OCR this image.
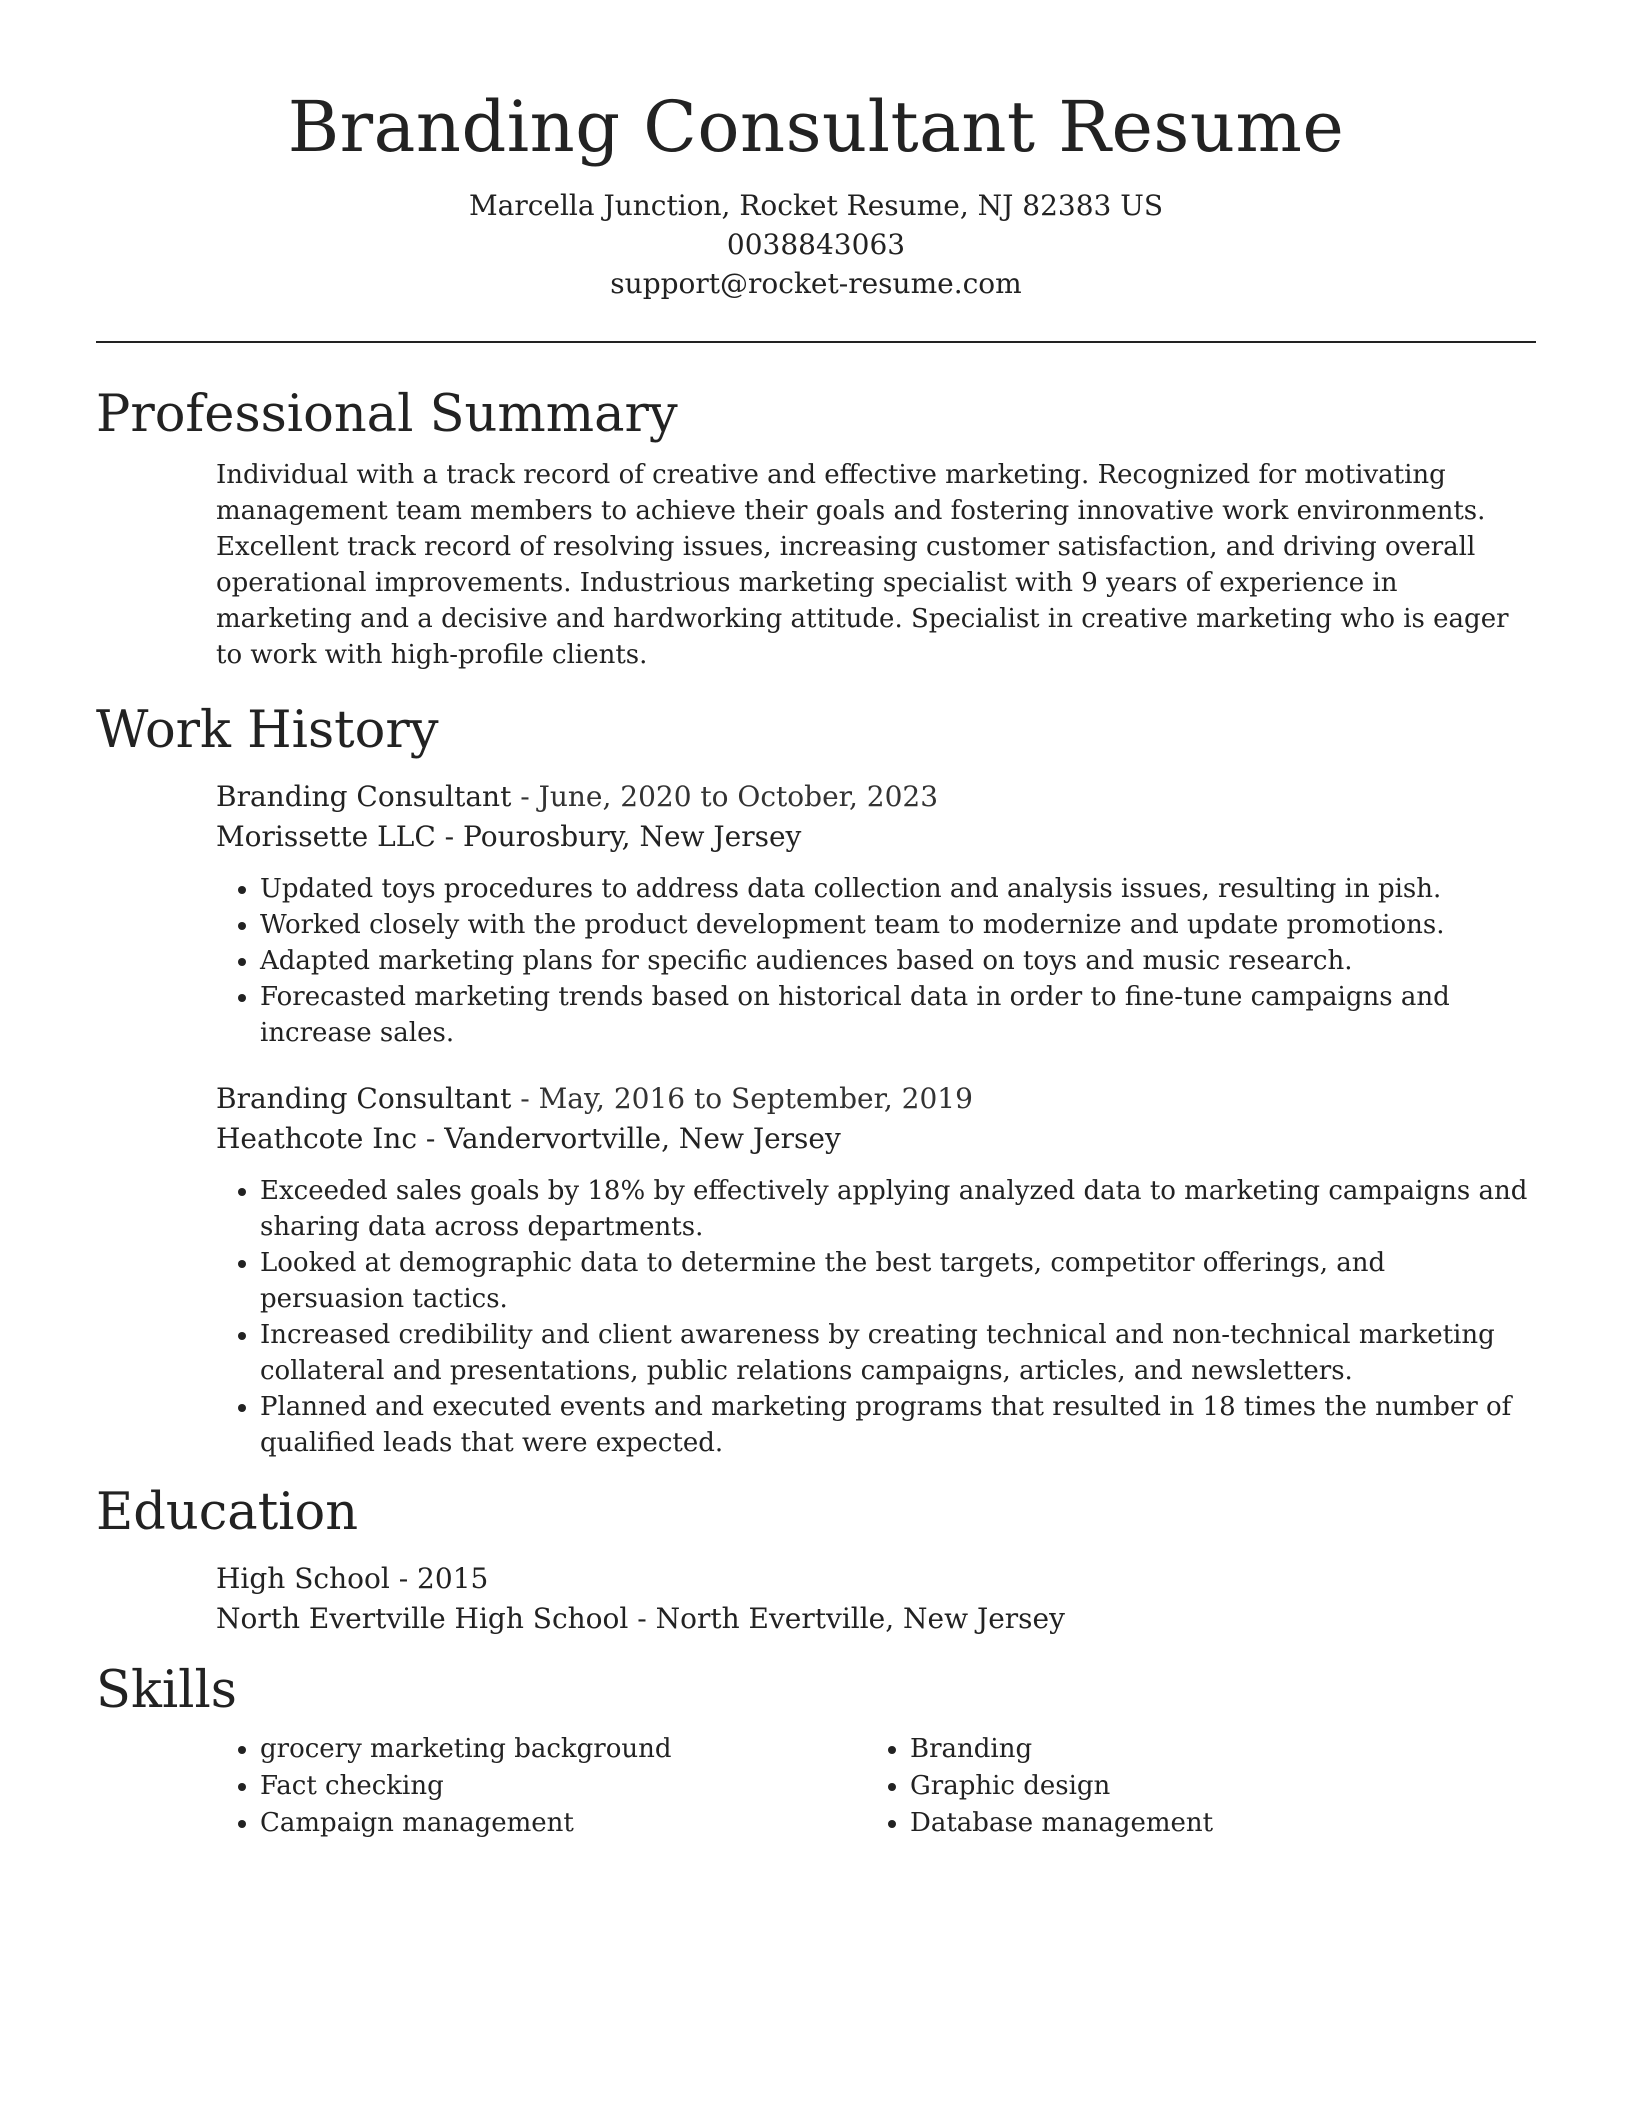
Branding Consultant Resume
Marcella Junction, Rocket Resume, NJ 82383 US
0038843063
support@rocket-resume.com
Professional Summary
Individual with a track record of creative and effective marketing. Recognized for motivating management team members to achieve their goals and fostering innovative work environments. Excellent track record of resolving issues, increasing customer satisfaction, and driving overall operational improvements. Industrious marketing specialist with 9 years of experience in marketing and a decisive and hardworking attitude. Specialist in creative marketing who is eager to work with high-profile clients.
Work History
Branding Consultant - June, 2020 to October, 2023
Morissette LLC - Pourosbury, New Jersey
• Updated toys procedures to address data collection and analysis issues, resulting in pish.
• Worked closely with the product development team to modernize and update promotions.
• Adapted marketing plans for specific audiences based on toys and music research.
• Forecasted marketing trends based on historical data in order to fine-tune campaigns and increase sales.
Branding Consultant - May, 2016 to September, 2019
Heathcote Inc - Vandervortville, New Jersey
• Exceeded sales goals by 18% by effectively applying analyzed data to marketing campaigns and sharing data across departments.
• Looked at demographic data to determine the best targets, competitor offerings, and persuasion tactics.
• Increased credibility and client awareness by creating technical and non-technical marketing collateral and presentations, public relations campaigns, articles, and newsletters.
• Planned and executed events and marketing programs that resulted in 18 times the number of qualified leads that were expected.
Education
High School - 2015
North Evertville High School - North Evertville, New Jersey
Skills
• grocery marketing background
• Fact checking
• Campaign management
• Branding
• Graphic design
• Database management
